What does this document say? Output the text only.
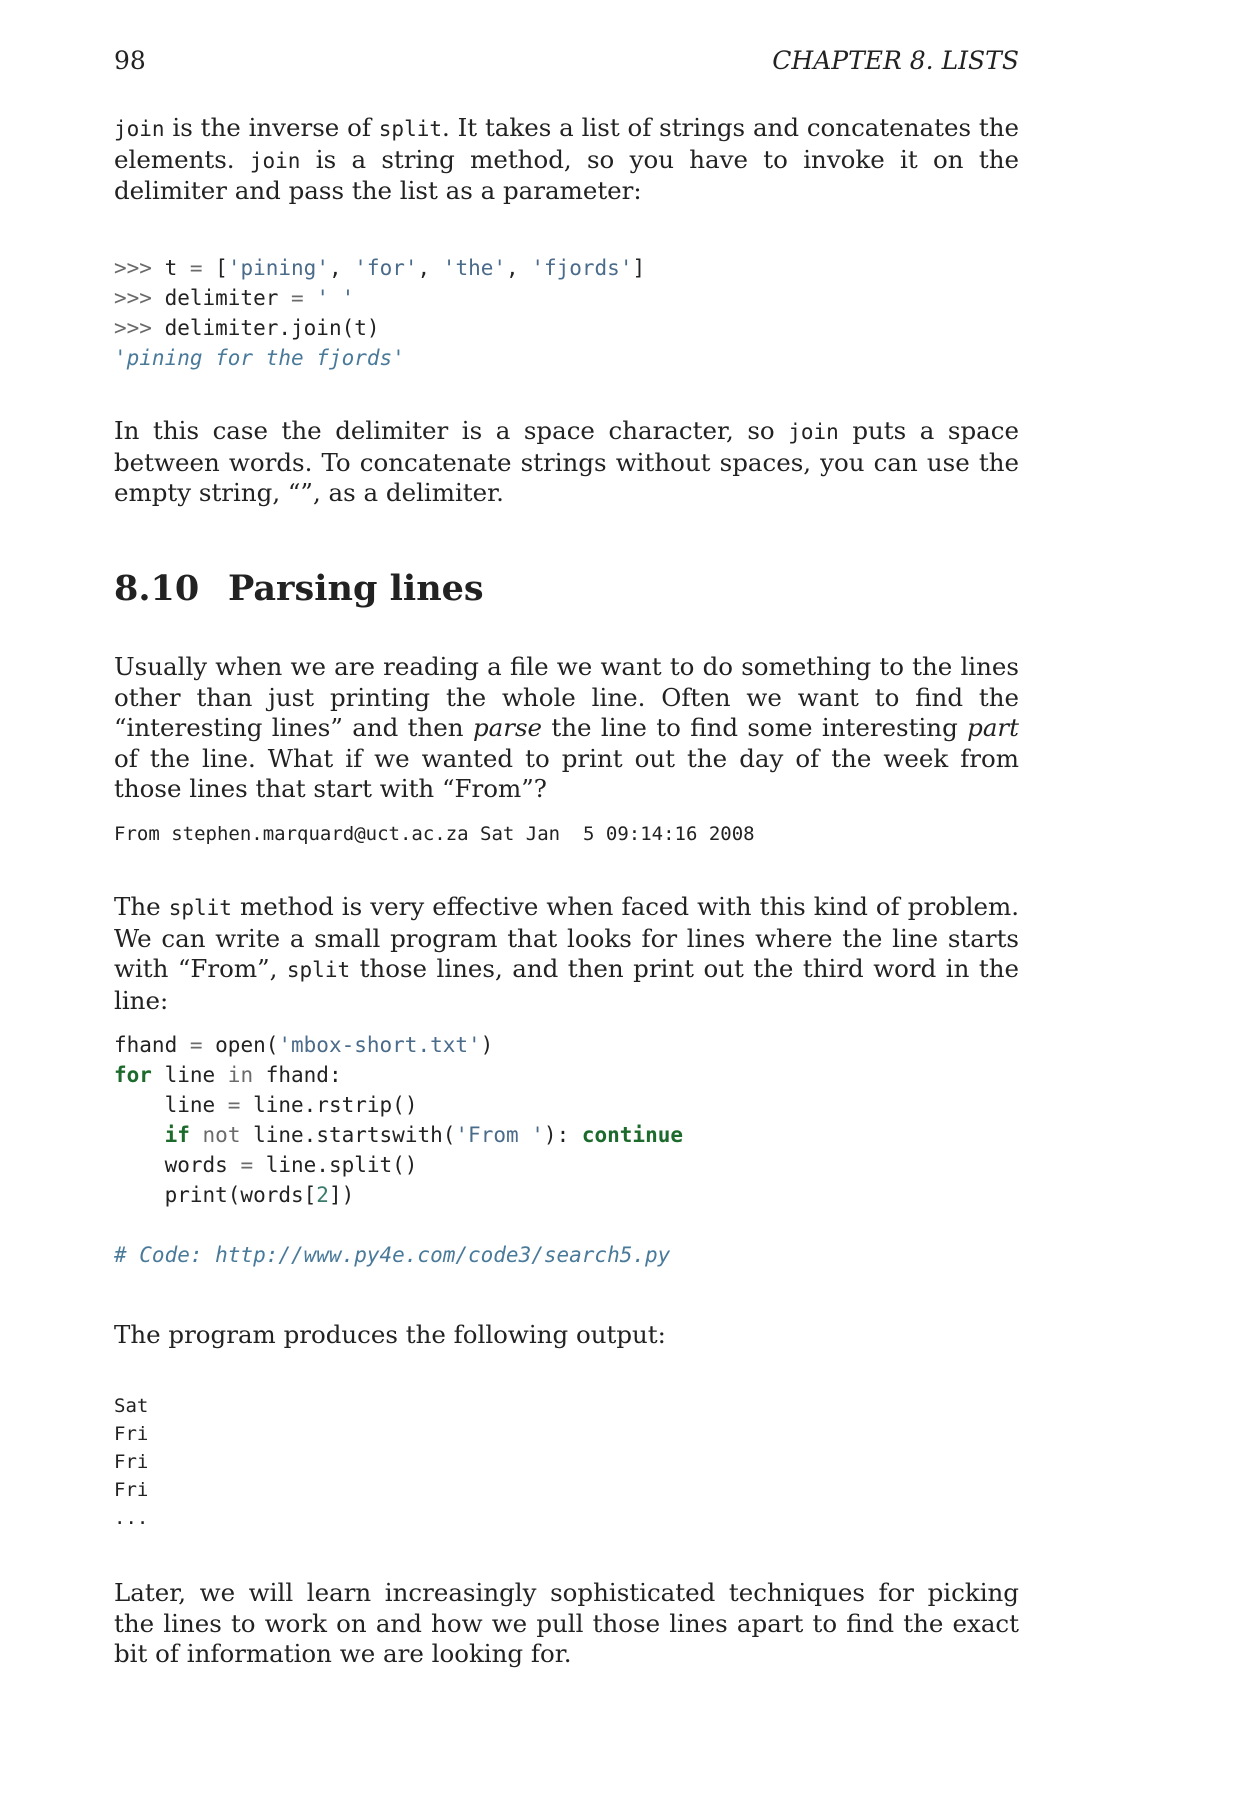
98	CHAPTER 8. LISTS

join is the inverse of split. It takes a list of strings and concatenates the elements. join is a string method, so you have to invoke it on the delimiter and pass the list as a parameter:

>>> t = ['pining', 'for', 'the', 'fjords']
>>> delimiter = ' '
>>> delimiter.join(t)
'pining for the fjords'

In this case the delimiter is a space character, so join puts a space between words. To concatenate strings without spaces, you can use the empty string, “”, as a delimiter.

8.10 Parsing lines

Usually when we are reading a file we want to do something to the lines other than just printing the whole line. Often we want to find the “interesting lines” and then parse the line to find some interesting part of the line. What if we wanted to print out the day of the week from those lines that start with “From”?

From stephen.marquard@uct.ac.za Sat Jan  5 09:14:16 2008

The split method is very effective when faced with this kind of problem. We can write a small program that looks for lines where the line starts with “From”, split those lines, and then print out the third word in the line:

fhand = open('mbox-short.txt')
for line in fhand:
line = line.rstrip()
if not line.startswith('From '): continue
words = line.split()
print(words[2])

# Code: http://www.py4e.com/code3/search5.py

The program produces the following output:

Sat
Fri
Fri
Fri
...

Later, we will learn increasingly sophisticated techniques for picking the lines to work on and how we pull those lines apart to find the exact bit of information we are looking for.
